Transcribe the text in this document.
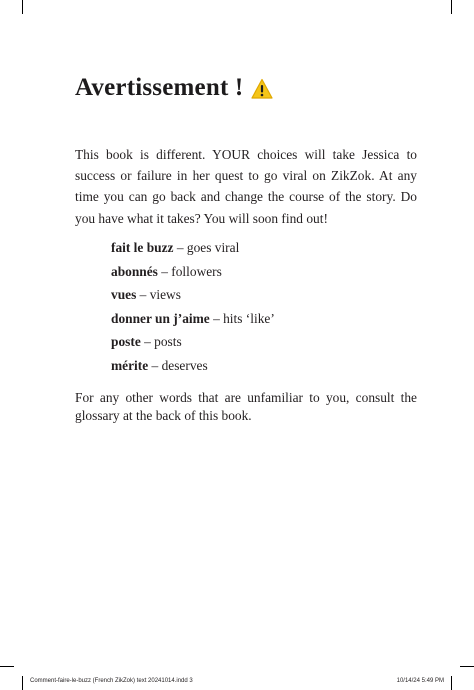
Avertissement !

This book is different. YOUR choices will take Jessica to success or failure in her quest to go viral on ZikZok. At any time you can go back and change the course of the story. Do you have what it takes? You will soon find out!

fait le buzz – goes viral
abonnés – followers
vues – views
donner un j’aime – hits ‘like’
poste – posts
mérite – deserves

For any other words that are unfamiliar to you, consult the glossary at the back of this book.

Comment-faire-le-buzz (French ZikZok) text 20241014.indd 3	10/14/24 5:49 PM
